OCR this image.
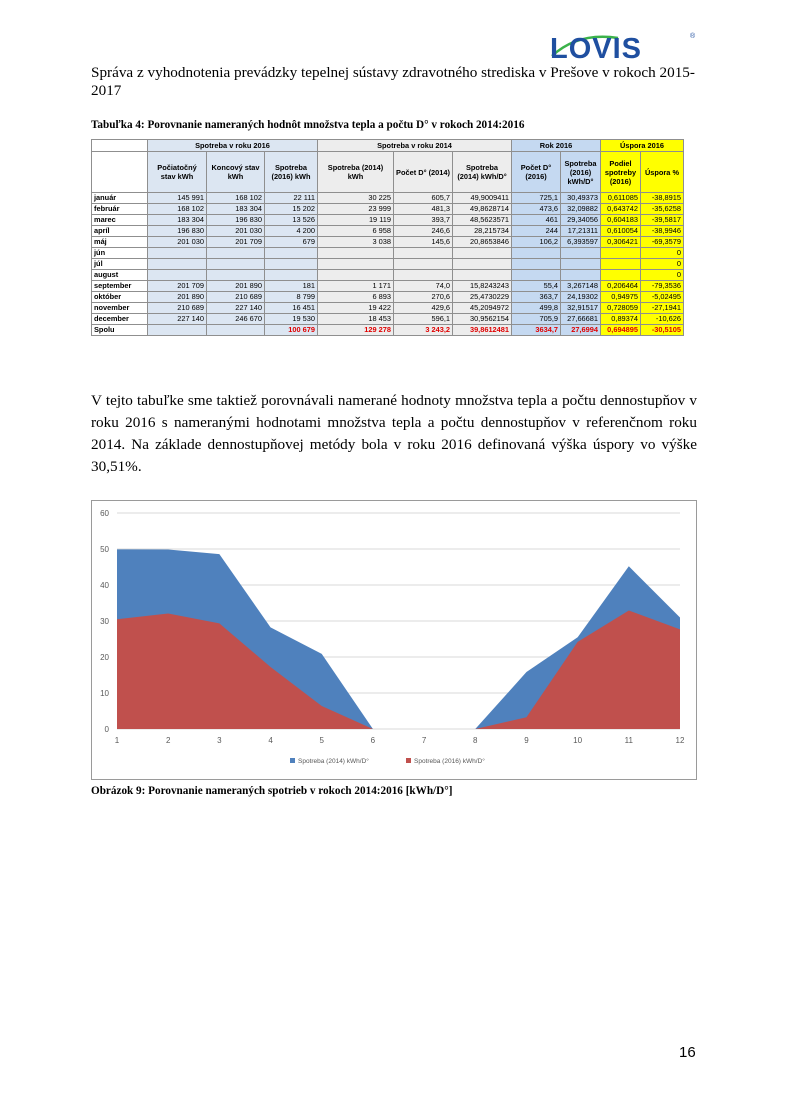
LOVIS	®
Správa z vyhodnotenia prevádzky tepelnej sústavy zdravotného strediska v Prešove v rokoch 2015-2017
Tabuľka 4: Porovnanie nameraných hodnôt množstva tepla a počtu D° v rokoch 2014:2016
	Spotreba v roku 2016			Spotreba v roku 2014			Rok 2016		Úspora 2016	
	Počiatočný stav kWh	Koncový stav kWh	Spotreba (2016) kWh	Spotreba (2014) kWh	Počet D° (2014)	Spotreba (2014) kWh/D°	Počet D° (2016)	Spotreba (2016) kWh/D°	Podiel spotreby (2016)	Úspora %
január	145 991	168 102	22 111	30 225	605,7	49,9009411	725,1	30,49373	0,611085	-38,8915
február	168 102	183 304	15 202	23 999	481,3	49,8628714	473,6	32,09882	0,643742	-35,6258
marec	183 304	196 830	13 526	19 119	393,7	48,5623571	461	29,34056	0,604183	-39,5817
apríl	196 830	201 030	4 200	6 958	246,6	28,215734	244	17,21311	0,610054	-38,9946
máj	201 030	201 709	679	3 038	145,6	20,8653846	106,2	6,393597	0,306421	-69,3579
jún										0
júl										0
august										0
september	201 709	201 890	181	1 171	74,0	15,8243243	55,4	3,267148	0,206464	-79,3536
október	201 890	210 689	8 799	6 893	270,6	25,4730229	363,7	24,19302	0,94975	-5,02495
november	210 689	227 140	16 451	19 422	429,6	45,2094972	499,8	32,91517	0,728059	-27,1941
december	227 140	246 670	19 530	18 453	596,1	30,9562154	705,9	27,66681	0,89374	-10,626
Spolu			100 679	129 278	3 243,2	39,8612481	3634,7	27,6994	0,694895	-30,5105
V tejto tabuľke sme taktiež porovnávali namerané hodnoty množstva tepla a počtu dennostupňov v roku 2016 s nameranými hodnotami množstva tepla a počtu dennostupňov v referenčnom roku 2014. Na základe dennostupňovej metódy bola v roku 2016 definovaná výška úspory vo výške 30,51%.
0
10
20
30
40
50
60
1	2	3	4	5	6	7	8	9	10	11	12
Spotreba (2014) kWh/D°	Spotreba (2016) kWh/D°
Obrázok 9: Porovnanie nameraných spotrieb v rokoch 2014:2016 [kWh/D°]
16
